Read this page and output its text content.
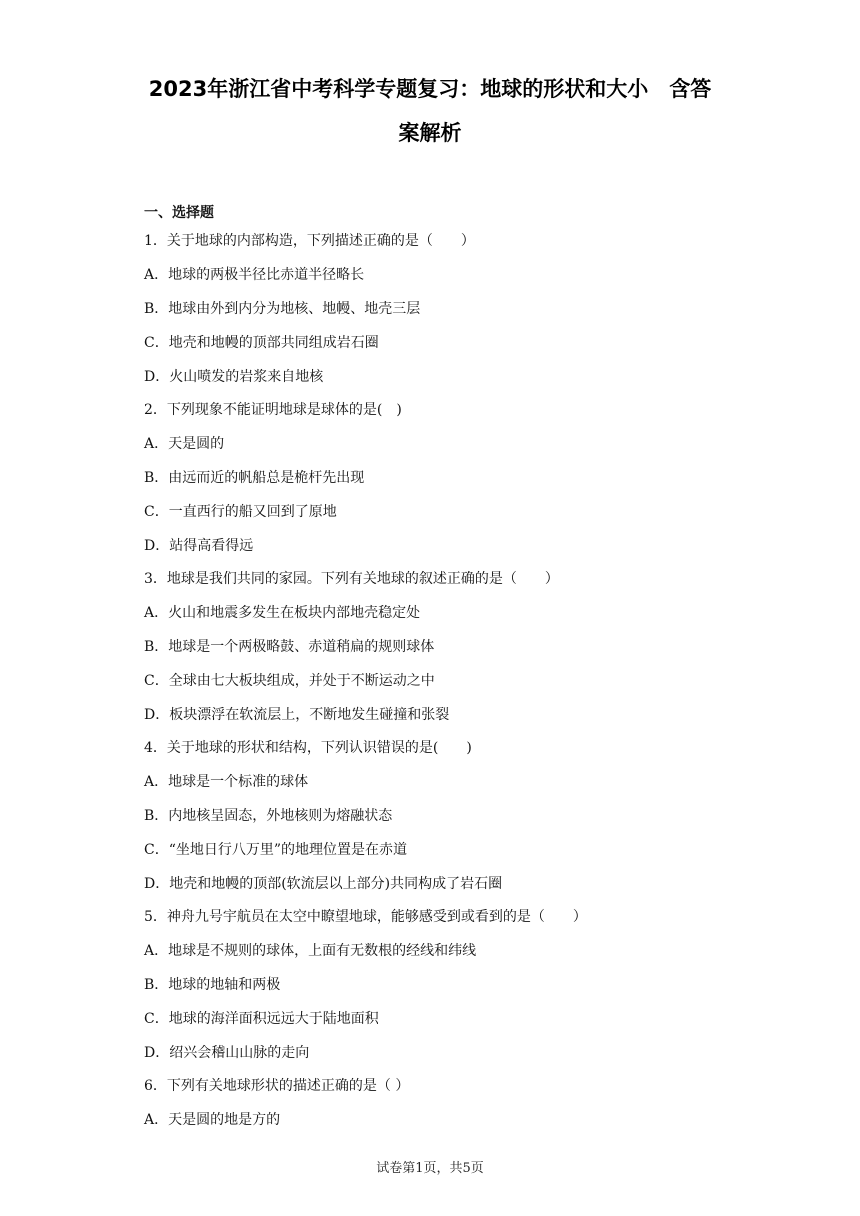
2023年浙江省中考科学专题复习：地球的形状和大小　含答
案解析
一、选择题
1．关于地球的内部构造，下列描述正确的是（　　）
A．地球的两极半径比赤道半径略长
B．地球由外到内分为地核、地幔、地壳三层
C．地壳和地幔的顶部共同组成岩石圈
D．火山喷发的岩浆来自地核
2．下列现象不能证明地球是球体的是(　)
A．天是圆的
B．由远而近的帆船总是桅杆先出现
C．一直西行的船又回到了原地
D．站得高看得远
3．地球是我们共同的家园。下列有关地球的叙述正确的是（　　）
A．火山和地震多发生在板块内部地壳稳定处
B．地球是一个两极略鼓、赤道稍扁的规则球体
C．全球由七大板块组成，并处于不断运动之中
D．板块漂浮在软流层上，不断地发生碰撞和张裂
4．关于地球的形状和结构，下列认识错误的是(　　)
A．地球是一个标准的球体
B．内地核呈固态，外地核则为熔融状态
C．“坐地日行八万里”的地理位置是在赤道
D．地壳和地幔的顶部(软流层以上部分)共同构成了岩石圈
5．神舟九号宇航员在太空中瞭望地球，能够感受到或看到的是（　　）
A．地球是不规则的球体，上面有无数根的经线和纬线
B．地球的地轴和两极
C．地球的海洋面积远远大于陆地面积
D．绍兴会稽山山脉的走向
6．下列有关地球形状的描述正确的是（ ）
A．天是圆的地是方的
试卷第1页，共5页
